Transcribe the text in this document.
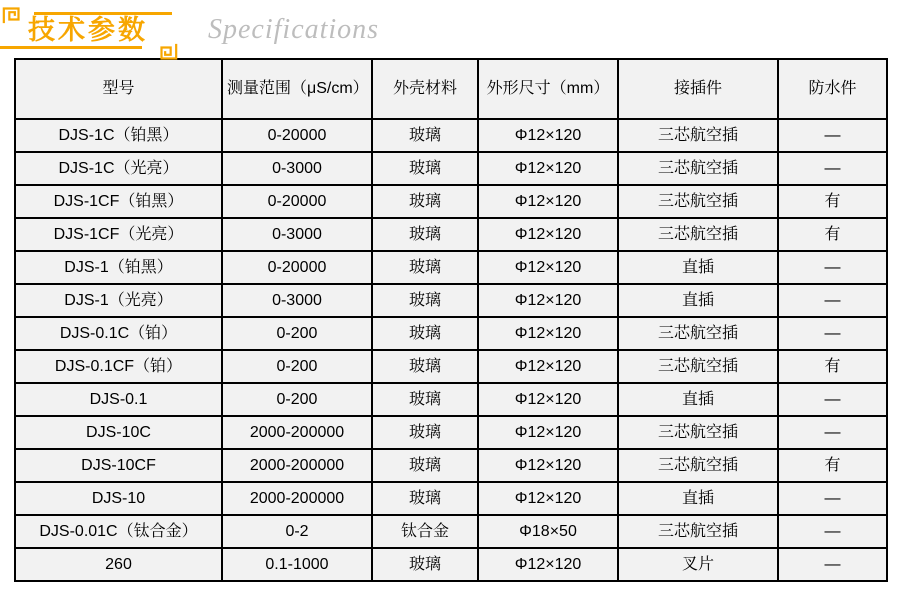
技术参数	Specifications
型号	测量范围（μS/cm）	外壳材料	外形尺寸（mm）	接插件	防水件
DJS-1C（铂黑）	0-20000	玻璃	Φ12×120	三芯航空插	—
DJS-1C（光亮）	0-3000	玻璃	Φ12×120	三芯航空插	—
DJS-1CF（铂黑）	0-20000	玻璃	Φ12×120	三芯航空插	有
DJS-1CF（光亮）	0-3000	玻璃	Φ12×120	三芯航空插	有
DJS-1（铂黑）	0-20000	玻璃	Φ12×120	直插	—
DJS-1（光亮）	0-3000	玻璃	Φ12×120	直插	—
DJS-0.1C（铂）	0-200	玻璃	Φ12×120	三芯航空插	—
DJS-0.1CF（铂）	0-200	玻璃	Φ12×120	三芯航空插	有
DJS-0.1	0-200	玻璃	Φ12×120	直插	—
DJS-10C	2000-200000	玻璃	Φ12×120	三芯航空插	—
DJS-10CF	2000-200000	玻璃	Φ12×120	三芯航空插	有
DJS-10	2000-200000	玻璃	Φ12×120	直插	—
DJS-0.01C（钛合金）	0-2	钛合金	Φ18×50	三芯航空插	—
260	0.1-1000	玻璃	Φ12×120	叉片	—
